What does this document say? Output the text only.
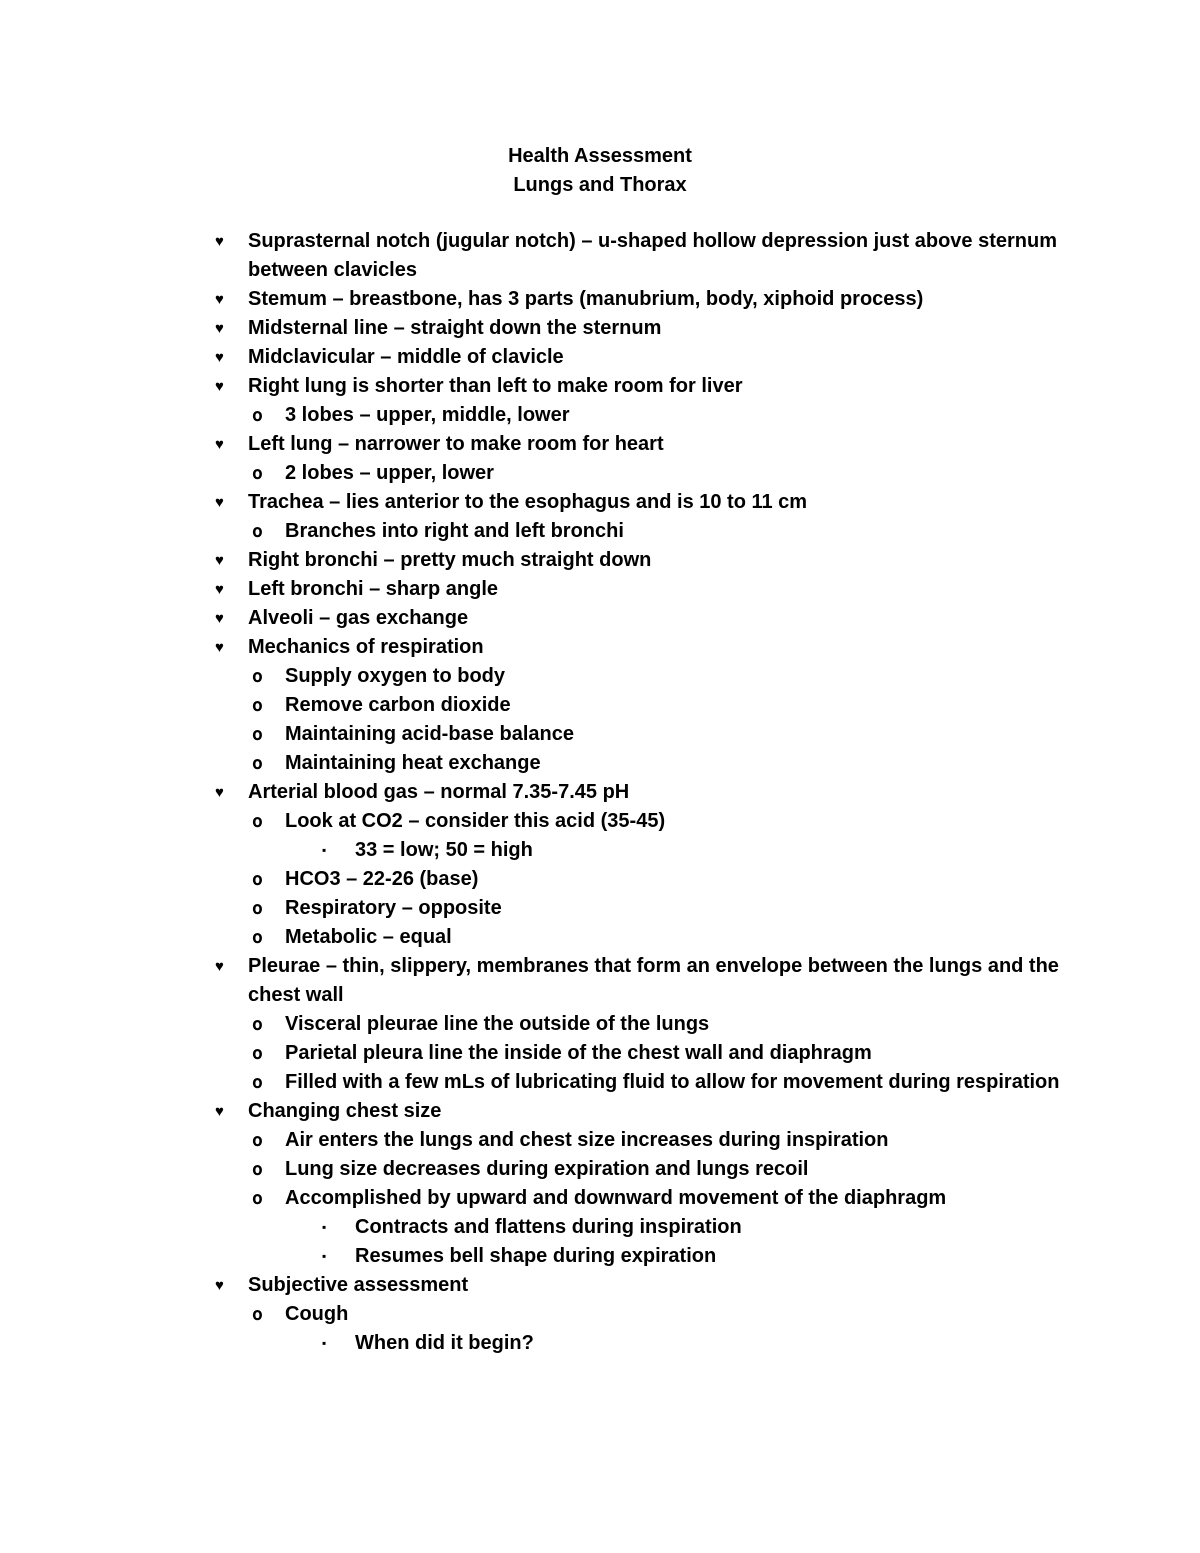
Health Assessment
Lungs and Thorax
♥	Suprasternal notch (jugular notch) – u-shaped hollow depression just above sternum between clavicles
♥	Stemum – breastbone, has 3 parts (manubrium, body, xiphoid process)
♥	Midsternal line – straight down the sternum
♥	Midclavicular – middle of clavicle
♥	Right lung is shorter than left to make room for liver
o	3 lobes – upper, middle, lower
♥	Left lung – narrower to make room for heart
o	2 lobes – upper, lower
♥	Trachea – lies anterior to the esophagus and is 10 to 11 cm
o	Branches into right and left bronchi
♥	Right bronchi – pretty much straight down
♥	Left bronchi – sharp angle
♥	Alveoli – gas exchange
♥	Mechanics of respiration
o	Supply oxygen to body
o	Remove carbon dioxide
o	Maintaining acid-base balance
o	Maintaining heat exchange
♥	Arterial blood gas – normal 7.35-7.45 pH
o	Look at CO2 – consider this acid (35-45)
▪	33 = low; 50 = high
o	HCO3 – 22-26 (base)
o	Respiratory – opposite
o	Metabolic – equal
♥	Pleurae – thin, slippery, membranes that form an envelope between the lungs and the chest wall
o	Visceral pleurae line the outside of the lungs
o	Parietal pleura line the inside of the chest wall and diaphragm
o	Filled with a few mLs of lubricating fluid to allow for movement during respiration
♥	Changing chest size
o	Air enters the lungs and chest size increases during inspiration
o	Lung size decreases during expiration and lungs recoil
o	Accomplished by upward and downward movement of the diaphragm
▪	Contracts and flattens during inspiration
▪	Resumes bell shape during expiration
♥	Subjective assessment
o	Cough
▪	When did it begin?
